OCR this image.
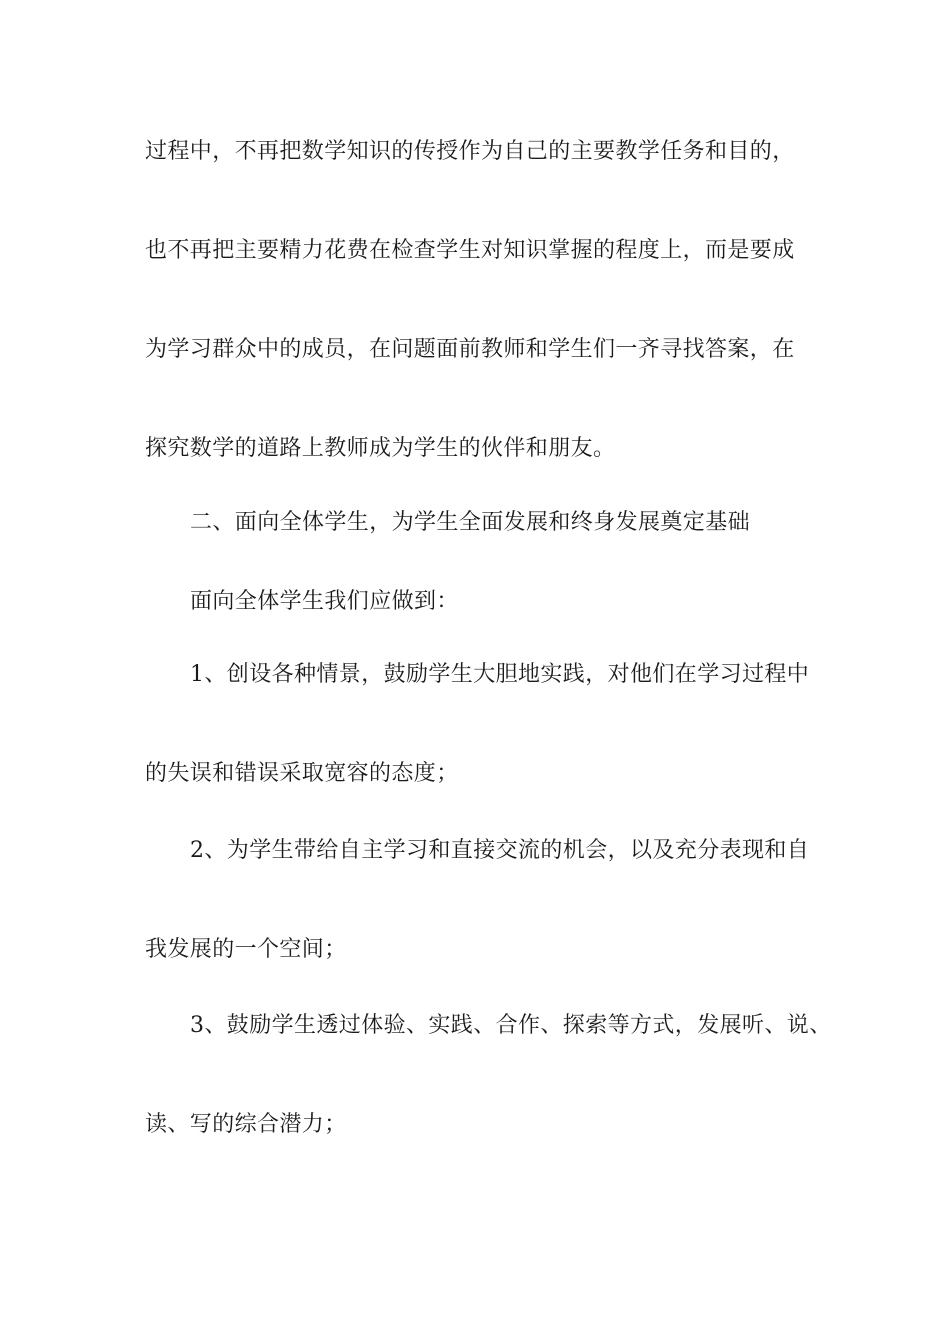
过程中，不再把数学知识的传授作为自己的主要教学任务和目的，
也不再把主要精力花费在检查学生对知识掌握的程度上，而是要成
为学习群众中的成员，在问题面前教师和学生们一齐寻找答案，在
探究数学的道路上教师成为学生的伙伴和朋友。
二、面向全体学生，为学生全面发展和终身发展奠定基础
面向全体学生我们应做到：
1、创设各种情景，鼓励学生大胆地实践，对他们在学习过程中
的失误和错误采取宽容的态度；
2、为学生带给自主学习和直接交流的机会，以及充分表现和自
我发展的一个空间；
3、鼓励学生透过体验、实践、合作、探索等方式，发展听、说、
读、写的综合潜力；
